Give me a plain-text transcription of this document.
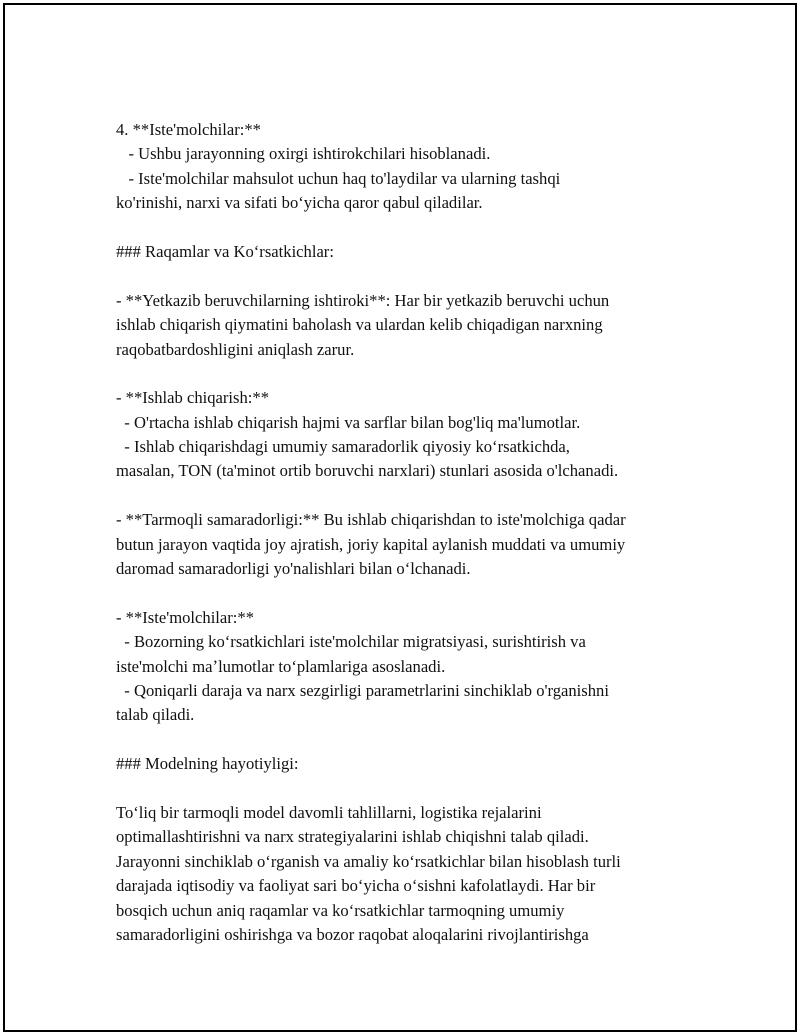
4. **Iste'molchilar:**
- Ushbu jarayonning oxirgi ishtirokchilari hisoblanadi.
- Iste'molchilar mahsulot uchun haq to'laydilar va ularning tashqi
ko'rinishi, narxi va sifati boʻyicha qaror qabul qiladilar.
### Raqamlar va Koʻrsatkichlar:
- **Yetkazib beruvchilarning ishtiroki**: Har bir yetkazib beruvchi uchun
ishlab chiqarish qiymatini baholash va ulardan kelib chiqadigan narxning
raqobatbardoshligini aniqlash zarur.
- **Ishlab chiqarish:**
- O'rtacha ishlab chiqarish hajmi va sarflar bilan bog'liq ma'lumotlar.
- Ishlab chiqarishdagi umumiy samaradorlik qiyosiy koʻrsatkichda,
masalan, TON (ta'minot ortib boruvchi narxlari) stunlari asosida o'lchanadi.
- **Tarmoqli samaradorligi:** Bu ishlab chiqarishdan to iste'molchiga qadar
butun jarayon vaqtida joy ajratish, joriy kapital aylanish muddati va umumiy
daromad samaradorligi yo'nalishlari bilan oʻlchanadi.
- **Iste'molchilar:**
- Bozorning koʻrsatkichlari iste'molchilar migratsiyasi, surishtirish va
iste'molchi maʼlumotlar toʻplamlariga asoslanadi.
- Qoniqarli daraja va narx sezgirligi parametrlarini sinchiklab o'rganishni
talab qiladi.
### Modelning hayotiyligi:
Toʻliq bir tarmoqli model davomli tahlillarni, logistika rejalarini
optimallashtirishni va narx strategiyalarini ishlab chiqishni talab qiladi.
Jarayonni sinchiklab oʻrganish va amaliy koʻrsatkichlar bilan hisoblash turli
darajada iqtisodiy va faoliyat sari boʻyicha oʻsishni kafolatlaydi. Har bir
bosqich uchun aniq raqamlar va koʻrsatkichlar tarmoqning umumiy
samaradorligini oshirishga va bozor raqobat aloqalarini rivojlantirishga
